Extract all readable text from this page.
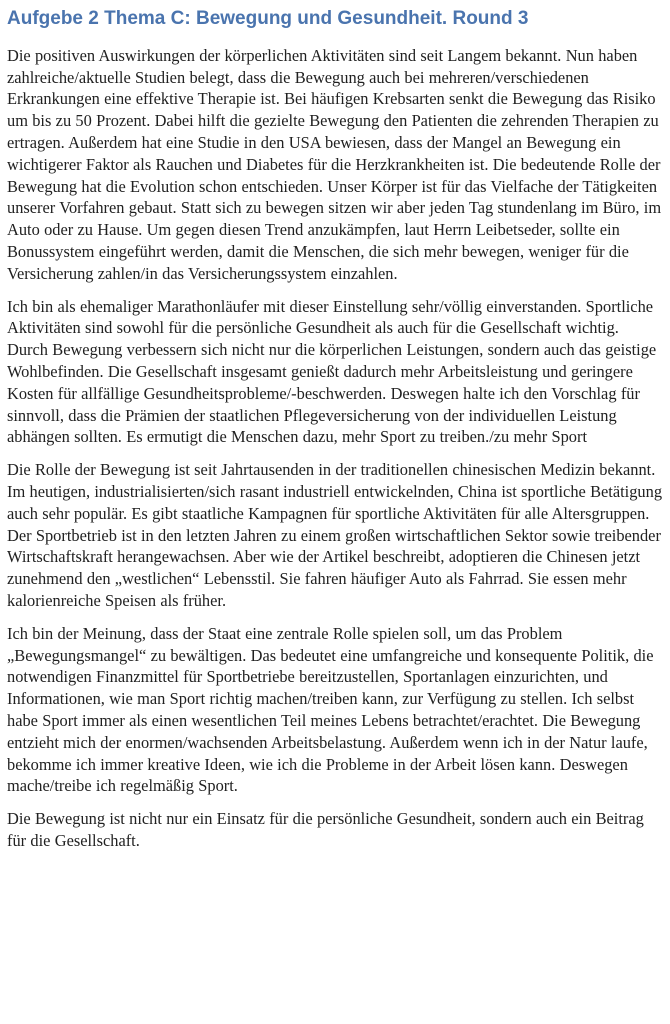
Aufgebe 2 Thema C: Bewegung und Gesundheit. Round 3

Die positiven Auswirkungen der körperlichen Aktivitäten sind seit Langem bekannt. Nun haben zahlreiche/aktuelle Studien belegt, dass die Bewegung auch bei mehreren/verschiedenen Erkrankungen eine effektive Therapie ist. Bei häufigen Krebsarten senkt die Bewegung das Risiko um bis zu 50 Prozent. Dabei hilft die gezielte Bewegung den Patienten die zehrenden Therapien zu ertragen. Außerdem hat eine Studie in den USA bewiesen, dass der Mangel an Bewegung ein wichtigerer Faktor als Rauchen und Diabetes für die Herzkrankheiten ist. Die bedeutende Rolle der Bewegung hat die Evolution schon entschieden. Unser Körper ist für das Vielfache der Tätigkeiten unserer Vorfahren gebaut. Statt sich zu bewegen sitzen wir aber jeden Tag stundenlang im Büro, im Auto oder zu Hause. Um gegen diesen Trend anzukämpfen, laut Herrn Leibetseder, sollte ein Bonussystem eingeführt werden, damit die Menschen, die sich mehr bewegen, weniger für die Versicherung zahlen/in das Versicherungssystem einzahlen.

Ich bin als ehemaliger Marathonläufer mit dieser Einstellung sehr/völlig einverstanden. Sportliche Aktivitäten sind sowohl für die persönliche Gesundheit als auch für die Gesellschaft wichtig. Durch Bewegung verbessern sich nicht nur die körperlichen Leistungen, sondern auch das geistige Wohlbefinden. Die Gesellschaft insgesamt genießt dadurch mehr Arbeitsleistung und geringere Kosten für allfällige Gesundheitsprobleme/-beschwerden. Deswegen halte ich den Vorschlag für sinnvoll, dass die Prämien der staatlichen Pflegeversicherung von der individuellen Leistung abhängen sollten. Es ermutigt die Menschen dazu, mehr Sport zu treiben./zu mehr Sport

Die Rolle der Bewegung ist seit Jahrtausenden in der traditionellen chinesischen Medizin bekannt. Im heutigen, industrialisierten/sich rasant industriell entwickelnden, China ist sportliche Betätigung auch sehr populär. Es gibt staatliche Kampagnen für sportliche Aktivitäten für alle Altersgruppen. Der Sportbetrieb ist in den letzten Jahren zu einem großen wirtschaftlichen Sektor sowie treibender Wirtschaftskraft herangewachsen. Aber wie der Artikel beschreibt, adoptieren die Chinesen jetzt zunehmend den „westlichen“ Lebensstil. Sie fahren häufiger Auto als Fahrrad. Sie essen mehr kalorienreiche Speisen als früher.

Ich bin der Meinung, dass der Staat eine zentrale Rolle spielen soll, um das Problem „Bewegungsmangel“ zu bewältigen. Das bedeutet eine umfangreiche und konsequente Politik, die notwendigen Finanzmittel für Sportbetriebe bereitzustellen, Sportanlagen einzurichten, und Informationen, wie man Sport richtig machen/treiben kann, zur Verfügung zu stellen. Ich selbst habe Sport immer als einen wesentlichen Teil meines Lebens betrachtet/erachtet. Die Bewegung entzieht mich der enormen/wachsenden Arbeitsbelastung. Außerdem wenn ich in der Natur laufe, bekomme ich immer kreative Ideen, wie ich die Probleme in der Arbeit lösen kann. Deswegen mache/treibe ich regelmäßig Sport.

Die Bewegung ist nicht nur ein Einsatz für die persönliche Gesundheit, sondern auch ein Beitrag für die Gesellschaft.
